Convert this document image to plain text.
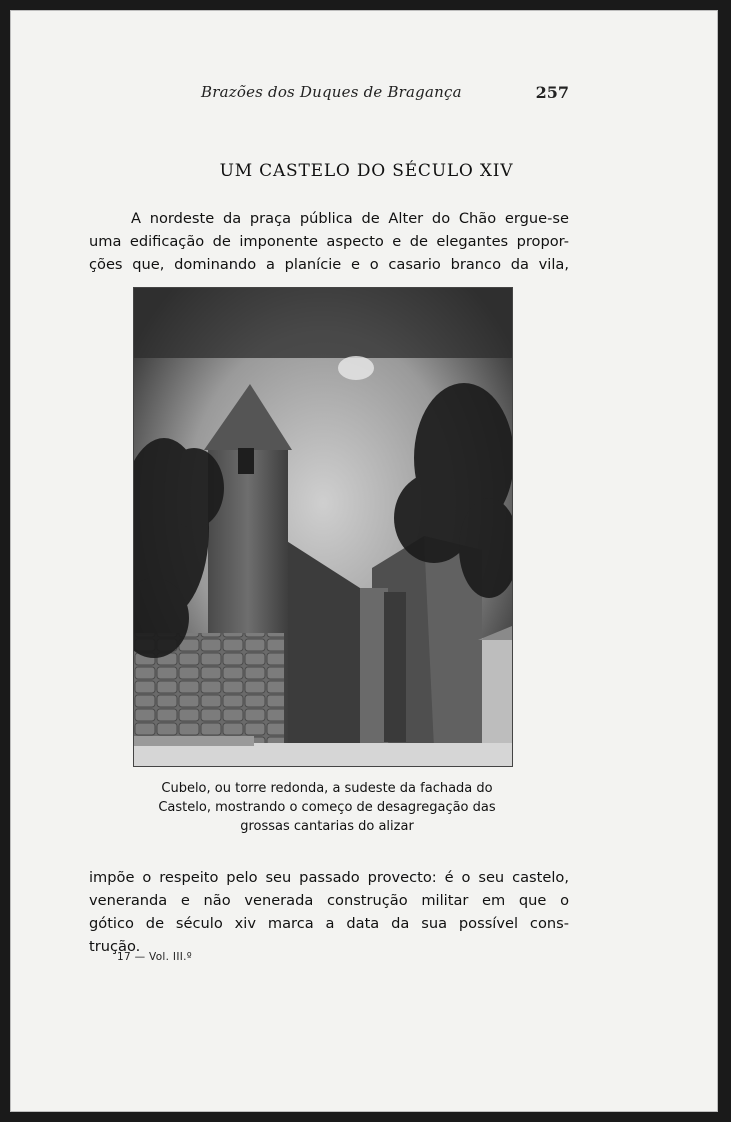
Brazões dos Duques de Bragança	257
UM CASTELO DO SÉCULO XIV
A nordeste da praça pública de Alter do Chão ergue-se
uma edificação de imponente aspecto e de elegantes propor-
ções que, dominando a planície e o casario branco da vila,
Cubelo, ou torre redonda, a sudeste da fachada do
Castelo, mostrando o começo de desagregação das
grossas cantarias do alizar
impõe o respeito pelo seu passado provecto: é o seu castelo,
veneranda e não venerada construção militar em que o
gótico de século xiv marca a data da sua possível cons-
trução.
17 — Vol. III.º
